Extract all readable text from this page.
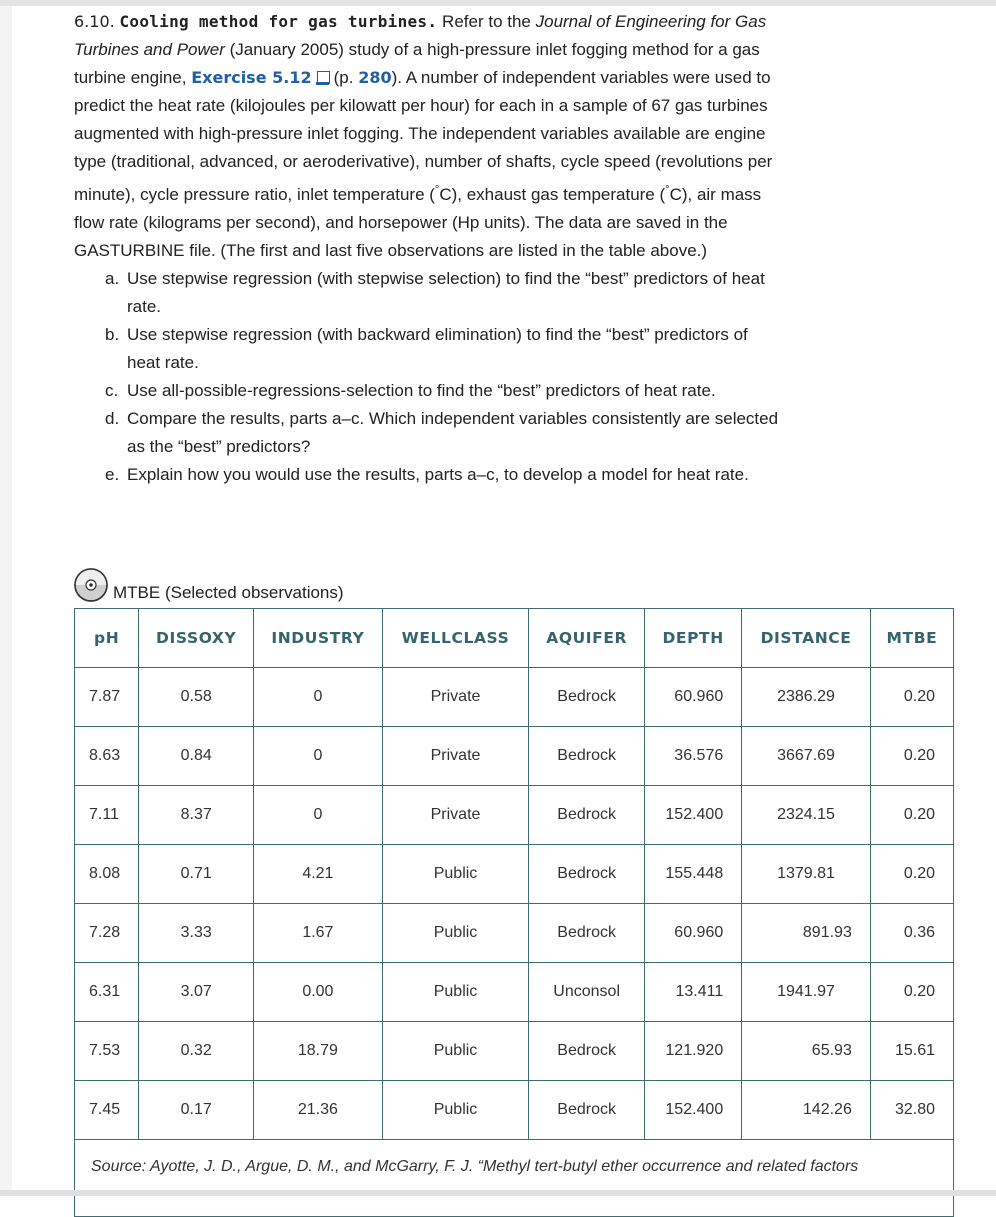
6.10. Cooling method for gas turbines. Refer to the Journal of Engineering for Gas Turbines and Power (January 2005) study of a high-pressure inlet fogging method for a gas turbine engine, Exercise 5.12 (p. 280). A number of independent variables were used to predict the heat rate (kilojoules per kilowatt per hour) for each in a sample of 67 gas turbines augmented with high-pressure inlet fogging. The independent variables available are engine type (traditional, advanced, or aeroderivative), number of shafts, cycle speed (revolutions per minute), cycle pressure ratio, inlet temperature (°C), exhaust gas temperature (°C), air mass flow rate (kilograms per second), and horsepower (Hp units). The data are saved in the GASTURBINE file. (The first and last five observations are listed in the table above.)
a. Use stepwise regression (with stepwise selection) to find the “best” predictors of heat rate.
b. Use stepwise regression (with backward elimination) to find the “best” predictors of heat rate.
c. Use all-possible-regressions-selection to find the “best” predictors of heat rate.
d. Compare the results, parts a–c. Which independent variables consistently are selected as the “best” predictors?
e. Explain how you would use the results, parts a–c, to develop a model for heat rate.
MTBE (Selected observations)
pH	DISSOXY	INDUSTRY	WELLCLASS	AQUIFER	DEPTH	DISTANCE	MTBE
7.87	0.58	0	Private	Bedrock	60.960	2386.29	0.20
8.63	0.84	0	Private	Bedrock	36.576	3667.69	0.20
7.11	8.37	0	Private	Bedrock	152.400	2324.15	0.20
8.08	0.71	4.21	Public	Bedrock	155.448	1379.81	0.20
7.28	3.33	1.67	Public	Bedrock	60.960	891.93	0.36
6.31	3.07	0.00	Public	Unconsol	13.411	1941.97	0.20
7.53	0.32	18.79	Public	Bedrock	121.920	65.93	15.61
7.45	0.17	21.36	Public	Bedrock	152.400	142.26	32.80
Source: Ayotte, J. D., Argue, D. M., and McGarry, F. J. “Methyl tert-butyl ether occurrence and related factors							
